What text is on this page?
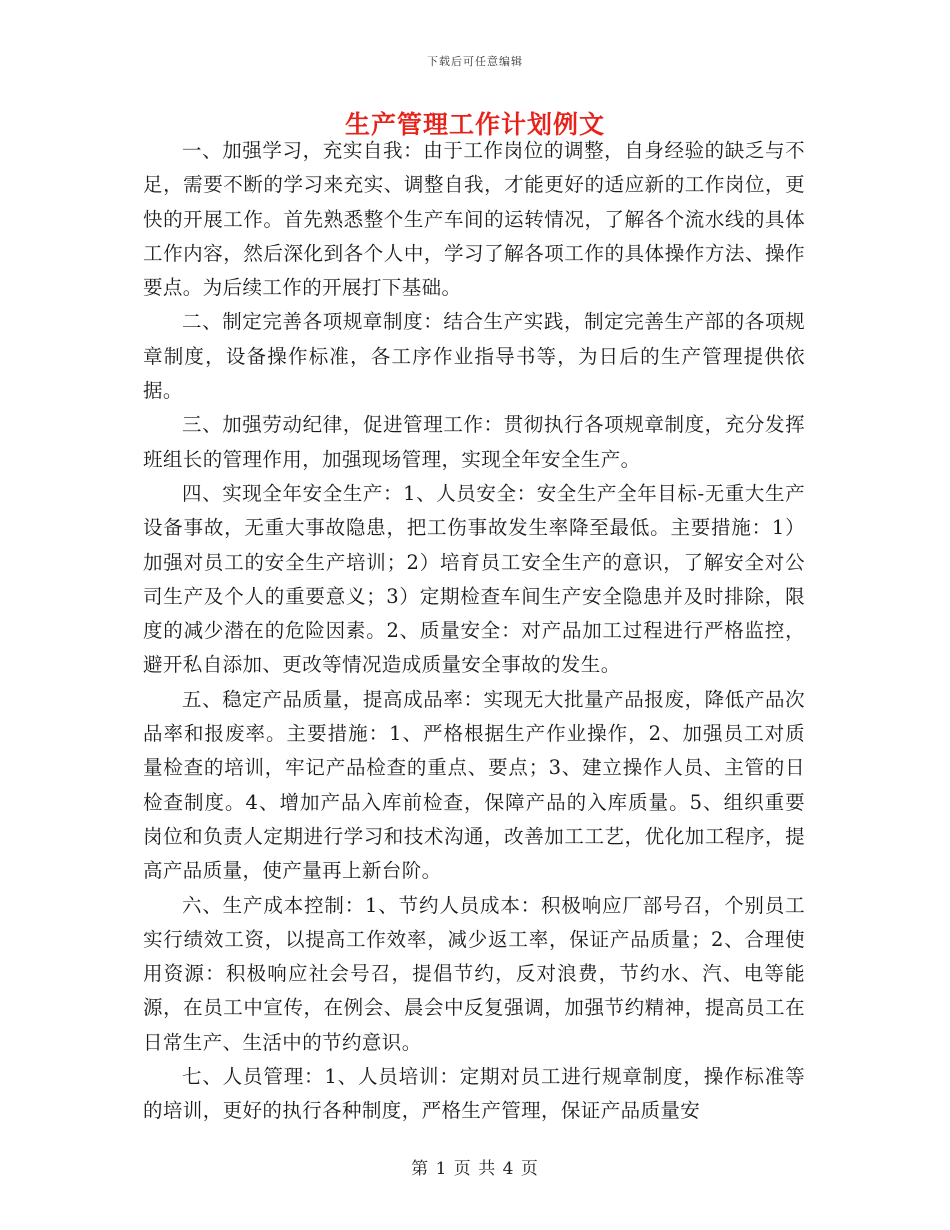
下载后可任意编辑
生产管理工作计划例文

一、加强学习，充实自我：由于工作岗位的调整，自身经验的缺乏与不足，需要不断的学习来充实、调整自我，才能更好的适应新的工作岗位，更快的开展工作。首先熟悉整个生产车间的运转情况，了解各个流水线的具体工作内容，然后深化到各个人中，学习了解各项工作的具体操作方法、操作要点。为后续工作的开展打下基础。

二、制定完善各项规章制度：结合生产实践，制定完善生产部的各项规章制度，设备操作标准，各工序作业指导书等，为日后的生产管理提供依据。

三、加强劳动纪律，促进管理工作：贯彻执行各项规章制度，充分发挥班组长的管理作用，加强现场管理，实现全年安全生产。

四、实现全年安全生产：1、人员安全：安全生产全年目标-无重大生产设备事故，无重大事故隐患，把工伤事故发生率降至最低。主要措施：1）加强对员工的安全生产培训；2）培育员工安全生产的意识，了解安全对公司生产及个人的重要意义；3）定期检查车间生产安全隐患并及时排除，限度的减少潜在的危险因素。2、质量安全：对产品加工过程进行严格监控，避开私自添加、更改等情况造成质量安全事故的发生。

五、稳定产品质量，提高成品率：实现无大批量产品报废，降低产品次品率和报废率。主要措施：1、严格根据生产作业操作，2、加强员工对质量检查的培训，牢记产品检查的重点、要点；3、建立操作人员、主管的日检查制度。4、增加产品入库前检查，保障产品的入库质量。5、组织重要岗位和负责人定期进行学习和技术沟通，改善加工工艺，优化加工程序，提高产品质量，使产量再上新台阶。

六、生产成本控制：1、节约人员成本：积极响应厂部号召，个别员工实行绩效工资，以提高工作效率，减少返工率，保证产品质量；2、合理使用资源：积极响应社会号召，提倡节约，反对浪费，节约水、汽、电等能源，在员工中宣传，在例会、晨会中反复强调，加强节约精神，提高员工在日常生产、生活中的节约意识。

七、人员管理：1、人员培训：定期对员工进行规章制度，操作标准等的培训，更好的执行各种制度，严格生产管理，保证产品质量安

第 1 页 共 4 页
